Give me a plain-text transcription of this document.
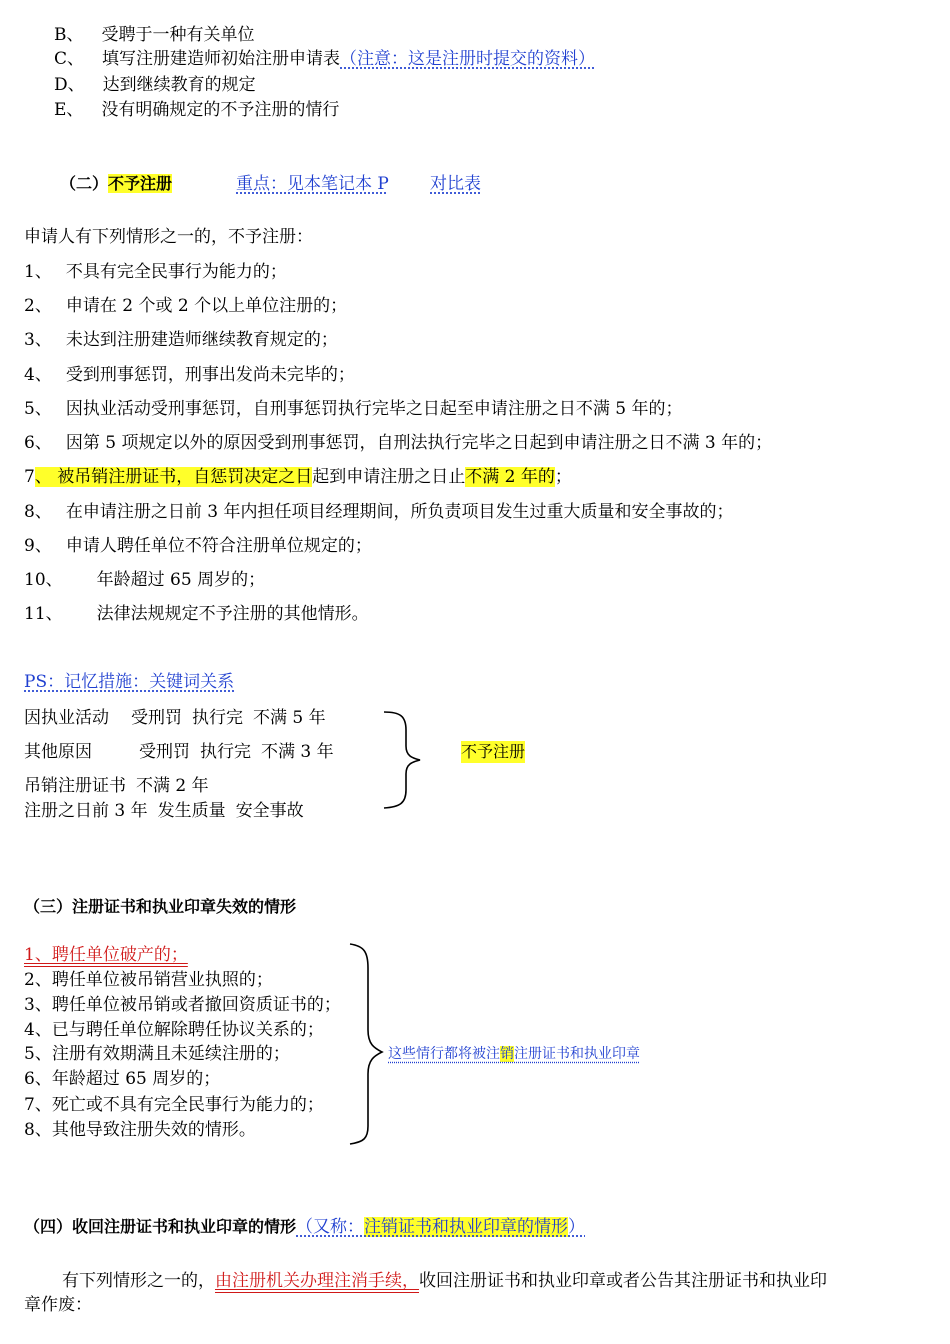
B、 受聘于一种有关单位
C、 填写注册建造师初始注册申请表（注意：这是注册时提交的资料）
D、 达到继续教育的规定
E、 没有明确规定的不予注册的情行
（二）不予注册	重点：见本笔记本 P 对比表
申请人有下列情形之一的，不予注册：
1、 不具有完全民事行为能力的；
2、 申请在 2 个或 2 个以上单位注册的；
3、 未达到注册建造师继续教育规定的；
4、 受到刑事惩罚，刑事出发尚未完毕的；
5、 因执业活动受刑事惩罚，自刑事惩罚执行完毕之日起至申请注册之日不满 5 年的；
6、 因第 5 项规定以外的原因受到刑事惩罚，自刑法执行完毕之日起到申请注册之日不满 3 年的；
7、 被吊销注册证书，自惩罚决定之日起到申请注册之日止不满 2 年的；
8、 在申请注册之日前 3 年内担任项目经理期间，所负责项目发生过重大质量和安全事故的；
9、 申请人聘任单位不符合注册单位规定的；
10、 年龄超过 65 周岁的；
11、 法律法规规定不予注册的其他情形。
PS：记忆措施：关键词关系
因执业活动 受刑罚 执行完 不满 5 年
其他原因	受刑罚 执行完 不满 3 年
吊销注册证书 不满 2 年
注册之日前 3 年 发生质量 安全事故
不予注册
（三）注册证书和执业印章失效的情形
1、聘任单位破产的；
2、聘任单位被吊销营业执照的；
3、聘任单位被吊销或者撤回资质证书的；
4、已与聘任单位解除聘任协议关系的；
5、注册有效期满且未延续注册的；
6、年龄超过 65 周岁的；
7、死亡或不具有完全民事行为能力的；
8、其他导致注册失效的情形。
这些情行都将被注销注册证书和执业印章
（四）收回注册证书和执业印章的情形（又称：注销证书和执业印章的情形）
有下列情形之一的，由注册机关办理注消手续，收回注册证书和执业印章或者公告其注册证书和执业印
章作废：
